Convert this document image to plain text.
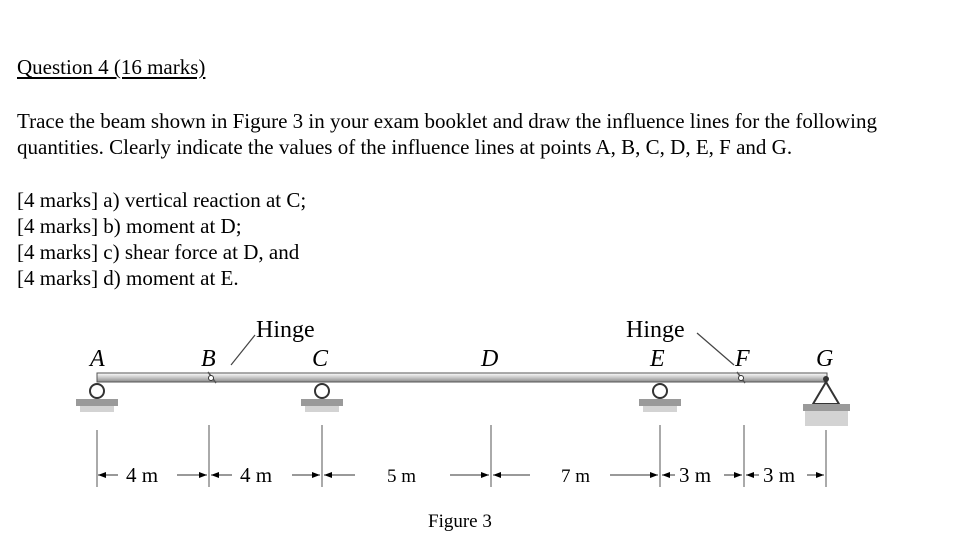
Question 4 (16 marks)
Trace the beam shown in Figure 3 in your exam booklet and draw the influence lines for the following quantities. Clearly indicate the values of the influence lines at points A, B, C, D, E, F and G.
[4 marks] a) vertical reaction at C;
[4 marks] b) moment at D;
[4 marks] c) shear force at D, and
[4 marks] d) moment at E.
A	B	C	D	E	F	G
Hinge	Hinge
4 m	4 m	5 m	7 m	3 m 3 m
Figure 3
